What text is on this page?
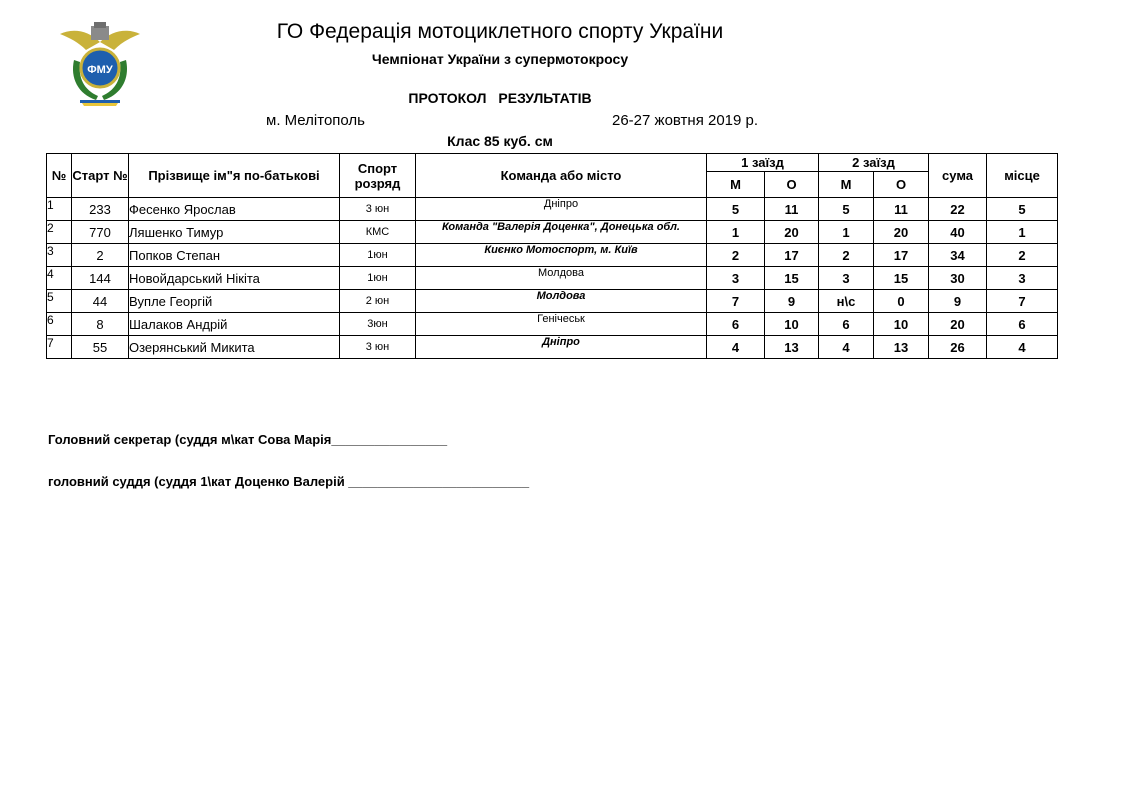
ФМУ
ГО Федерація мотоциклетного спорту України
Чемпіонат України з супермотокросу
ПРОТОКОЛ РЕЗУЛЬТАТІВ
м. Мелітополь	26-27 жовтня 2019 р.
Клас 85 куб. см
№	Старт №	Прізвище ім"я по-батькові	Спорт розряд	Команда або місто	1 заїзд		2 заїзд		сума	місце
					М	О	М	О		
1	233	Фесенко Ярослав	3 юн	Дніпро	5	11	5	11	22	5
2	770	Ляшенко Тимур	КМС	Команда "Валерія Доценка", Донецька обл.	1	20	1	20	40	1
3	2	Попков Степан	1юн	Києнко Мотоспорт, м. Київ	2	17	2	17	34	2
4	144	Новойдарський Нікіта	1юн	Молдова	3	15	3	15	30	3
5	44	Вупле Георгій	2 юн	Молдова	7	9	н\с	0	9	7
6	8	Шалаков Андрій	3юн	Генічеськ	6	10	6	10	20	6
7	55	Озерянський Микита	3 юн	Дніпро	4	13	4	13	26	4
Головний секретар (суддя м\кат Сова Марія________________
головний суддя (суддя 1\кат Доценко Валерій _________________________
